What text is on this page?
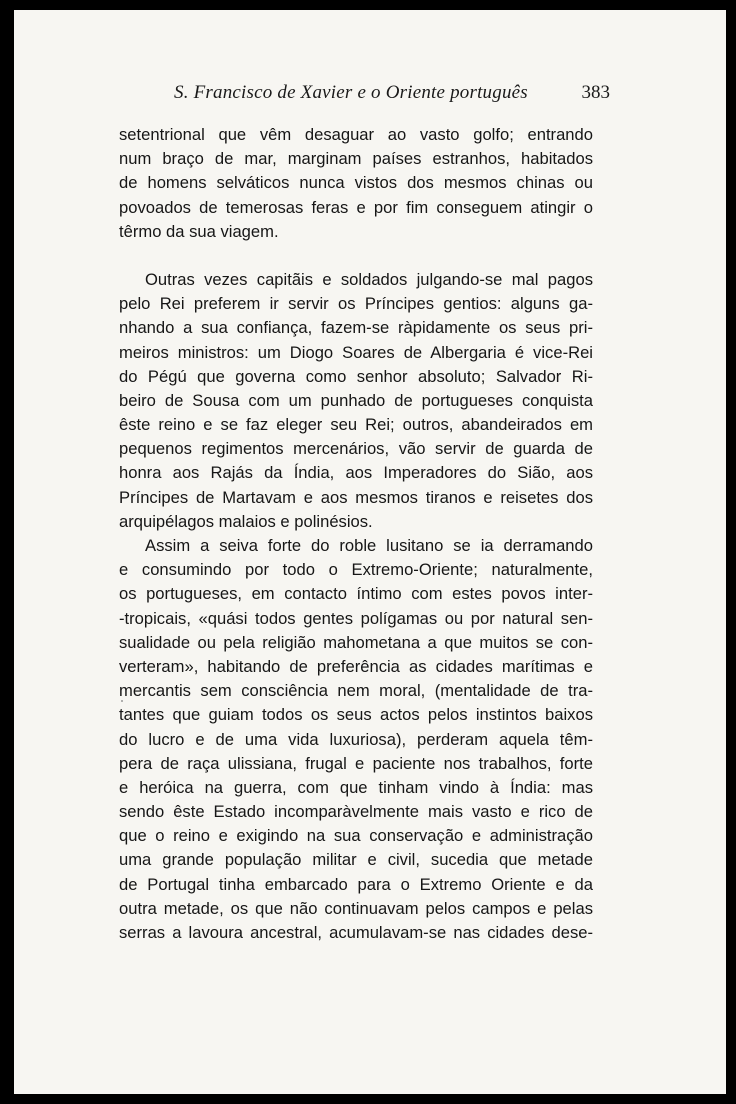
S. Francisco de Xavier e o Oriente português	383
setentrional que vêm desaguar ao vasto golfo; entrando
num braço de mar, marginam países estranhos, habitados
de homens selváticos nunca vistos dos mesmos chinas ou
povoados de temerosas feras e por fim conseguem atingir o
têrmo da sua viagem.
Outras vezes capitãis e soldados julgando-se mal pagos
pelo Rei preferem ir servir os Príncipes gentios: alguns ga-
nhando a sua confiança, fazem-se ràpidamente os seus pri-
meiros ministros: um Diogo Soares de Albergaria é vice-Rei
do Pégú que governa como senhor absoluto; Salvador Ri-
beiro de Sousa com um punhado de portugueses conquista
êste reino e se faz eleger seu Rei; outros, abandeirados em
pequenos regimentos mercenários, vão servir de guarda de
honra aos Rajás da Índia, aos Imperadores do Sião, aos
Príncipes de Martavam e aos mesmos tiranos e reisetes dos
arquipélagos malaios e polinésios.
Assim a seiva forte do roble lusitano se ia derramando
e consumindo por todo o Extremo-Oriente; naturalmente,
os portugueses, em contacto íntimo com estes povos inter-
-tropicais, «quási todos gentes polígamas ou por natural sen-
sualidade ou pela religião mahometana a que muitos se con-
verteram», habitando de preferência as cidades marítimas e
mercantis sem consciência nem moral, (mentalidade de tra-
tantes que guiam todos os seus actos pelos instintos baixos
do lucro e de uma vida luxuriosa), perderam aquela têm-
pera de raça ulissiana, frugal e paciente nos trabalhos, forte
e heróica na guerra, com que tinham vindo à Índia: mas
sendo êste Estado incomparàvelmente mais vasto e rico de
que o reino e exigindo na sua conservação e administração
uma grande população militar e civil, sucedia que metade
de Portugal tinha embarcado para o Extremo Oriente e da
outra metade, os que não continuavam pelos campos e pelas
serras a lavoura ancestral, acumulavam-se nas cidades dese-
